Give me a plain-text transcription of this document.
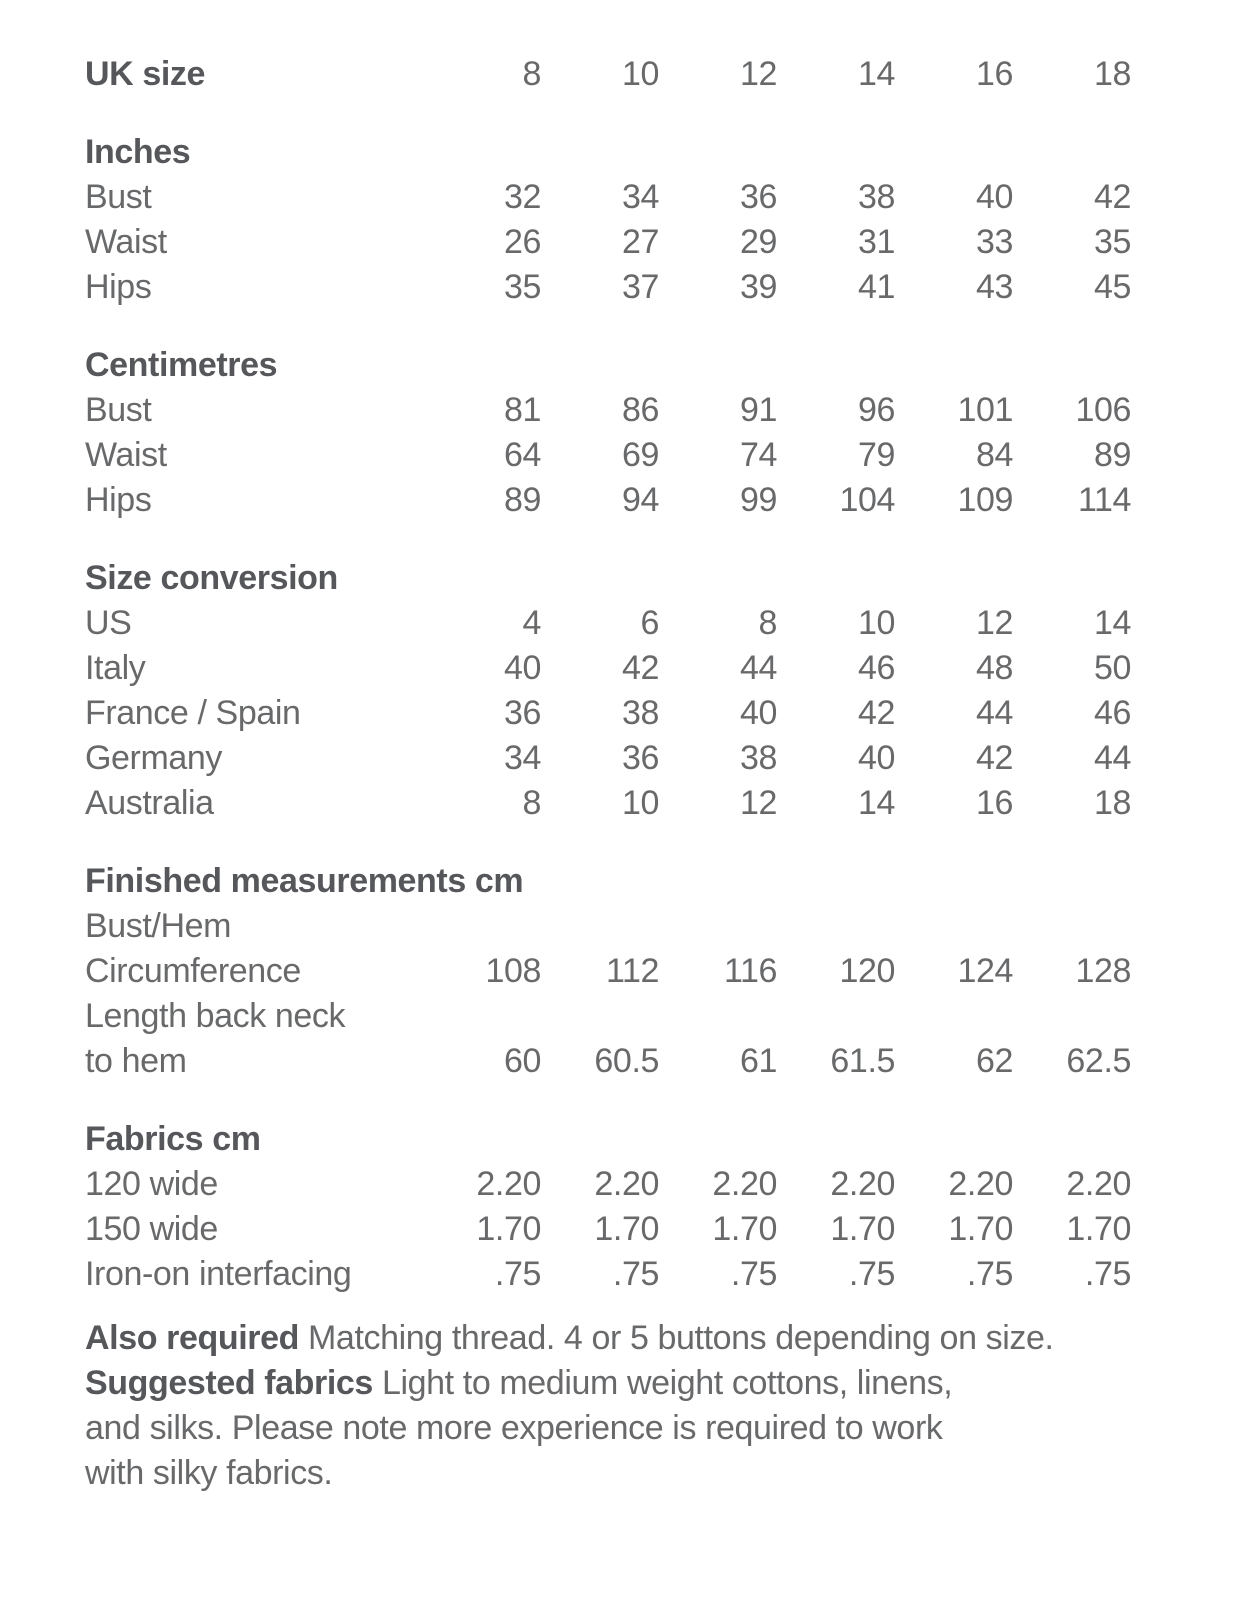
UK size	8	10	12	14	16	18
Inches						
Bust	32	34	36	38	40	42
Waist	26	27	29	31	33	35
Hips	35	37	39	41	43	45
Centimetres						
Bust	81	86	91	96	101	106
Waist	64	69	74	79	84	89
Hips	89	94	99	104	109	114
Size conversion						
US	4	6	8	10	12	14
Italy	40	42	44	46	48	50
France / Spain	36	38	40	42	44	46
Germany	34	36	38	40	42	44
Australia	8	10	12	14	16	18
Finished measurements cm						
Bust/Hem						
Circumference	108	112	116	120	124	128
Length back neck						
to hem	60	60.5	61	61.5	62	62.5
Fabrics cm						
120 wide	2.20	2.20	2.20	2.20	2.20	2.20
150 wide	1.70	1.70	1.70	1.70	1.70	1.70
Iron-on interfacing	.75	.75	.75	.75	.75	.75
Also required Matching thread. 4 or 5 buttons depending on size.
Suggested fabrics Light to medium weight cottons, linens,
and silks. Please note more experience is required to work
with silky fabrics.
